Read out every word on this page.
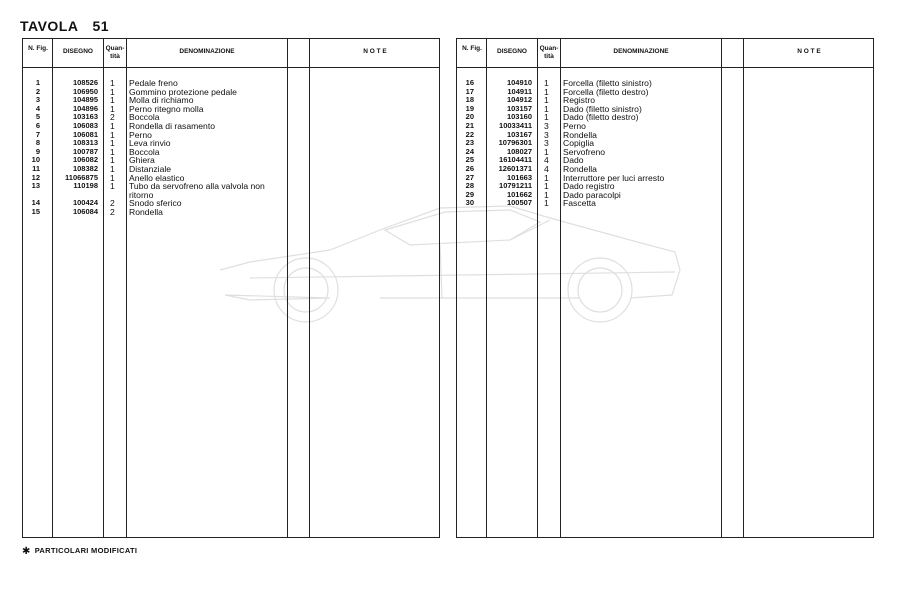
TAVOLA 51
N. Fig.	DISEGNO	Quan-tità
DENOMINAZIONE	N O T E
1	108526 1 Pedale freno
2	106950 1 Gommino protezione pedale
3	104895 1 Molla di richiamo
4	104896 1 Perno ritegno molla
5	103163 2 Boccola
6	106083 1 Rondella di rasamento
7	106081 1 Perno
8	108313 1 Leva rinvio
9	100787 1 Boccola
10	106082 1 Ghiera
11	108382 1 Distanziale
12	11066875 1 Anello elastico
13	110198 1 Tubo da servofreno alla valvola non
ritorno
14	100424 2 Snodo sferico
15	106084 2 Rondella
N. Fig.	DISEGNO	Quan-tità
DENOMINAZIONE	N O T E
16	104910 1 Forcella (filetto sinistro)
17	104911 1 Forcella (filetto destro)
18	104912 1 Registro
19	103157 1 Dado (filetto sinistro)
20	103160 1 Dado (filetto destro)
21	10033411 3 Perno
22	103167 3 Rondella
23	10796301 3 Copiglia
24	108027 1 Servofreno
25	16104411 4 Dado
26	12601371 4 Rondella
27	101663 1 Interruttore per luci arresto
28	10791211 1 Dado registro
29	101662 1 Dado paracolpi
30	100507 1 Fascetta
✱ PARTICOLARI MODIFICATI
